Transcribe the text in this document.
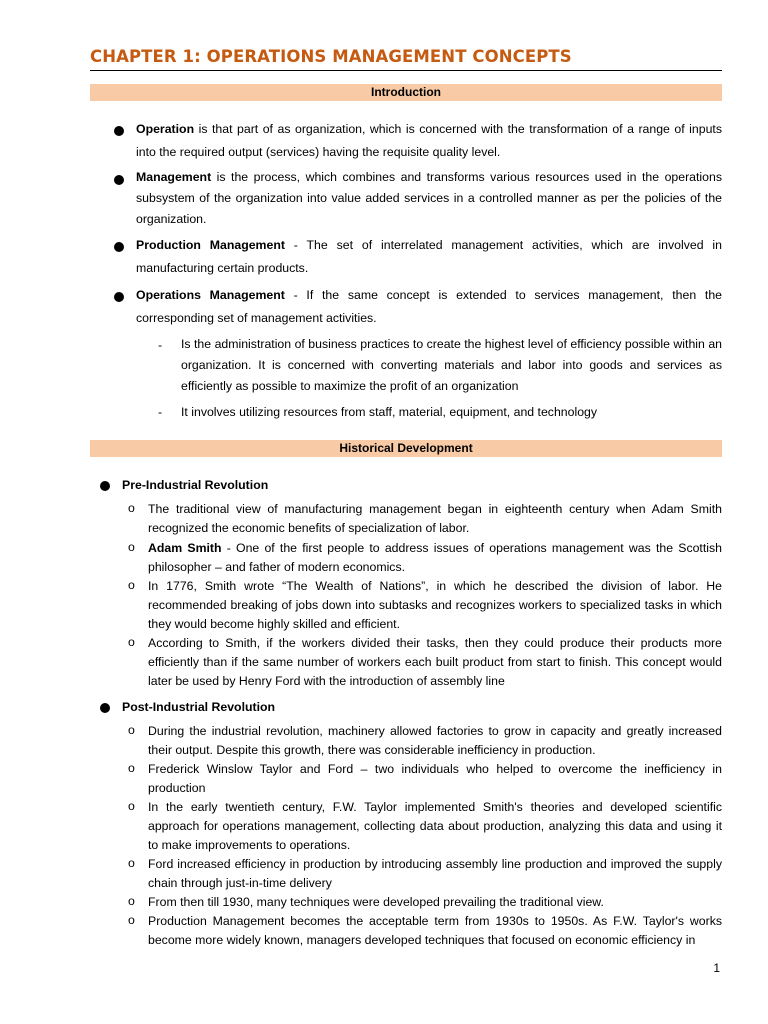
CHAPTER 1: OPERATIONS MANAGEMENT CONCEPTS
Introduction
Operation is that part of as organization, which is concerned with the transformation of a range of inputs into the required output (services) having the requisite quality level.
Management is the process, which combines and transforms various resources used in the operations subsystem of the organization into value added services in a controlled manner as per the policies of the organization.
Production Management - The set of interrelated management activities, which are involved in manufacturing certain products.
Operations Management - If the same concept is extended to services management, then the corresponding set of management activities.
- Is the administration of business practices to create the highest level of efficiency possible within an organization. It is concerned with converting materials and labor into goods and services as efficiently as possible to maximize the profit of an organization
- It involves utilizing resources from staff, material, equipment, and technology
Historical Development
Pre-Industrial Revolution
o The traditional view of manufacturing management began in eighteenth century when Adam Smith recognized the economic benefits of specialization of labor.
o Adam Smith - One of the first people to address issues of operations management was the Scottish philosopher – and father of modern economics.
o In 1776, Smith wrote “The Wealth of Nations”, in which he described the division of labor. He recommended breaking of jobs down into subtasks and recognizes workers to specialized tasks in which they would become highly skilled and efficient.
o According to Smith, if the workers divided their tasks, then they could produce their products more efficiently than if the same number of workers each built product from start to finish. This concept would later be used by Henry Ford with the introduction of assembly line
Post-Industrial Revolution
o During the industrial revolution, machinery allowed factories to grow in capacity and greatly increased their output. Despite this growth, there was considerable inefficiency in production.
o Frederick Winslow Taylor and Ford – two individuals who helped to overcome the inefficiency in production
o In the early twentieth century, F.W. Taylor implemented Smith's theories and developed scientific approach for operations management, collecting data about production, analyzing this data and using it to make improvements to operations.
o Ford increased efficiency in production by introducing assembly line production and improved the supply chain through just-in-time delivery
o From then till 1930, many techniques were developed prevailing the traditional view.
o Production Management becomes the acceptable term from 1930s to 1950s. As F.W. Taylor's works become more widely known, managers developed techniques that focused on economic efficiency in
1
